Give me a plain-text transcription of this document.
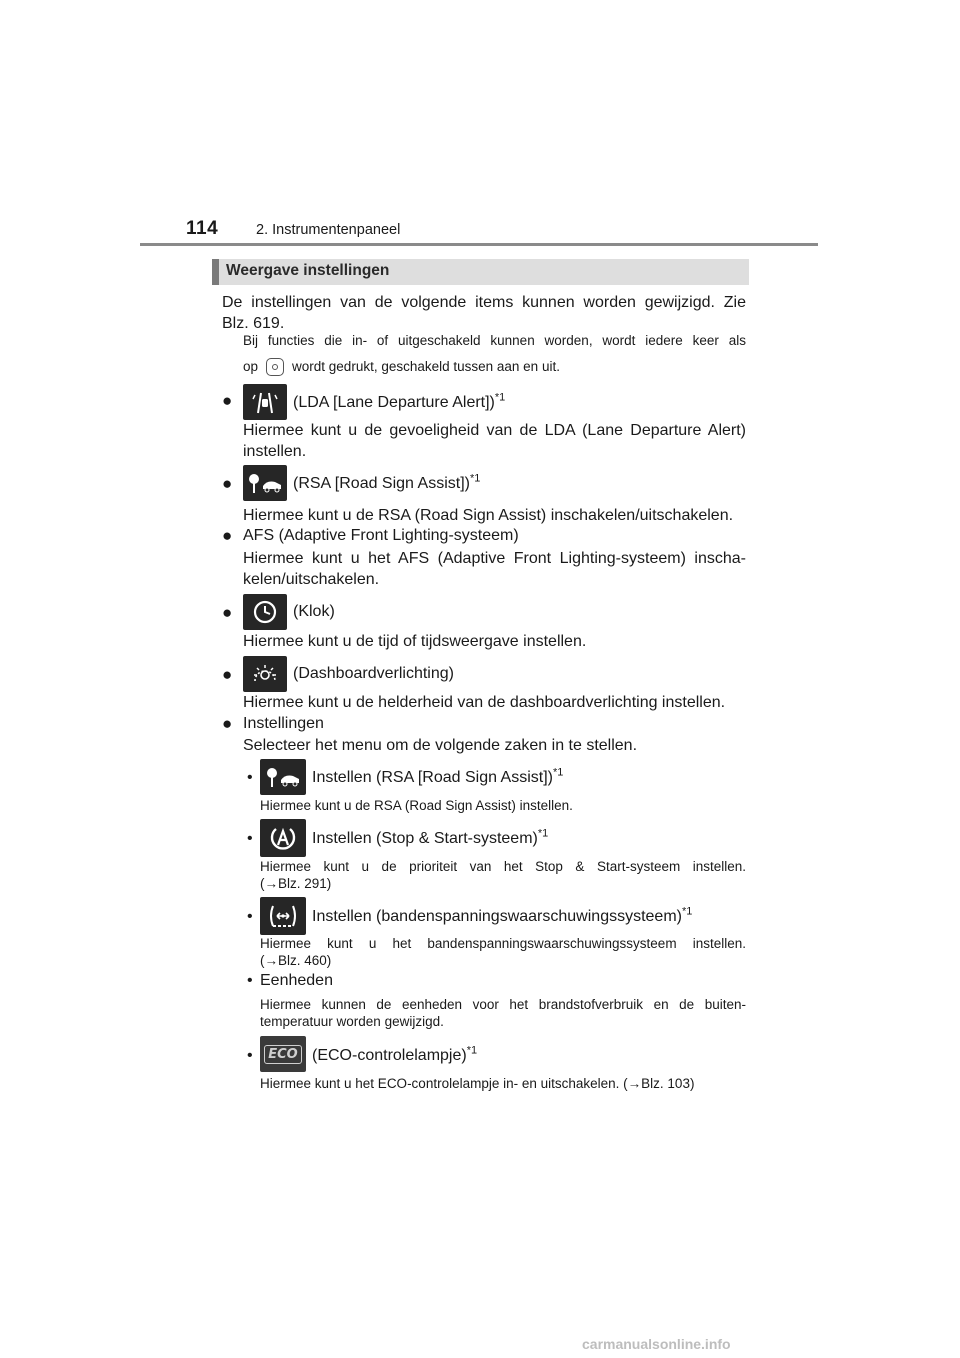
114	2. Instrumentenpaneel
Weergave instellingen
De instellingen van de volgende items kunnen worden gewijzigd. Zie
Blz. 619.
Bij functies die in- of uitgeschakeld kunnen worden, wordt iedere keer als
op	wordt gedrukt, geschakeld tussen aan en uit.
●	(LDA [Lane Departure Alert])$^{*1}$
Hiermee kunt u de gevoeligheid van de LDA (Lane Departure Alert)
instellen.
●	(RSA [Road Sign Assist])$^{*1}$
Hiermee kunt u de RSA (Road Sign Assist) inschakelen/uitschakelen.
● AFS (Adaptive Front Lighting-systeem)
Hiermee kunt u het AFS (Adaptive Front Lighting-systeem) inscha-
kelen/uitschakelen.
●	(Klok)
Hiermee kunt u de tijd of tijdsweergave instellen.
●	(Dashboardverlichting)
Hiermee kunt u de helderheid van de dashboardverlichting instellen.
● Instellingen
Selecteer het menu om de volgende zaken in te stellen.
•	Instellen (RSA [Road Sign Assist])$^{*1}$
Hiermee kunt u de RSA (Road Sign Assist) instellen.
•	Instellen (Stop & Start-systeem)$^{*1}$
Hiermee kunt u de prioriteit van het Stop & Start-systeem instellen.
(→Blz. 291)
•	Instellen (bandenspanningswaarschuwingssysteem)$^{*1}$
Hiermee kunt u het bandenspanningswaarschuwingssysteem instellen.
(→Blz. 460)
• Eenheden
Hiermee kunnen de eenheden voor het brandstofverbruik en de buiten-
temperatuur worden gewijzigd.
•	ECO (ECO-controlelampje)$^{*1}$
Hiermee kunt u het ECO-controlelampje in- en uitschakelen. (→Blz. 103)
carmanualsonline.info
